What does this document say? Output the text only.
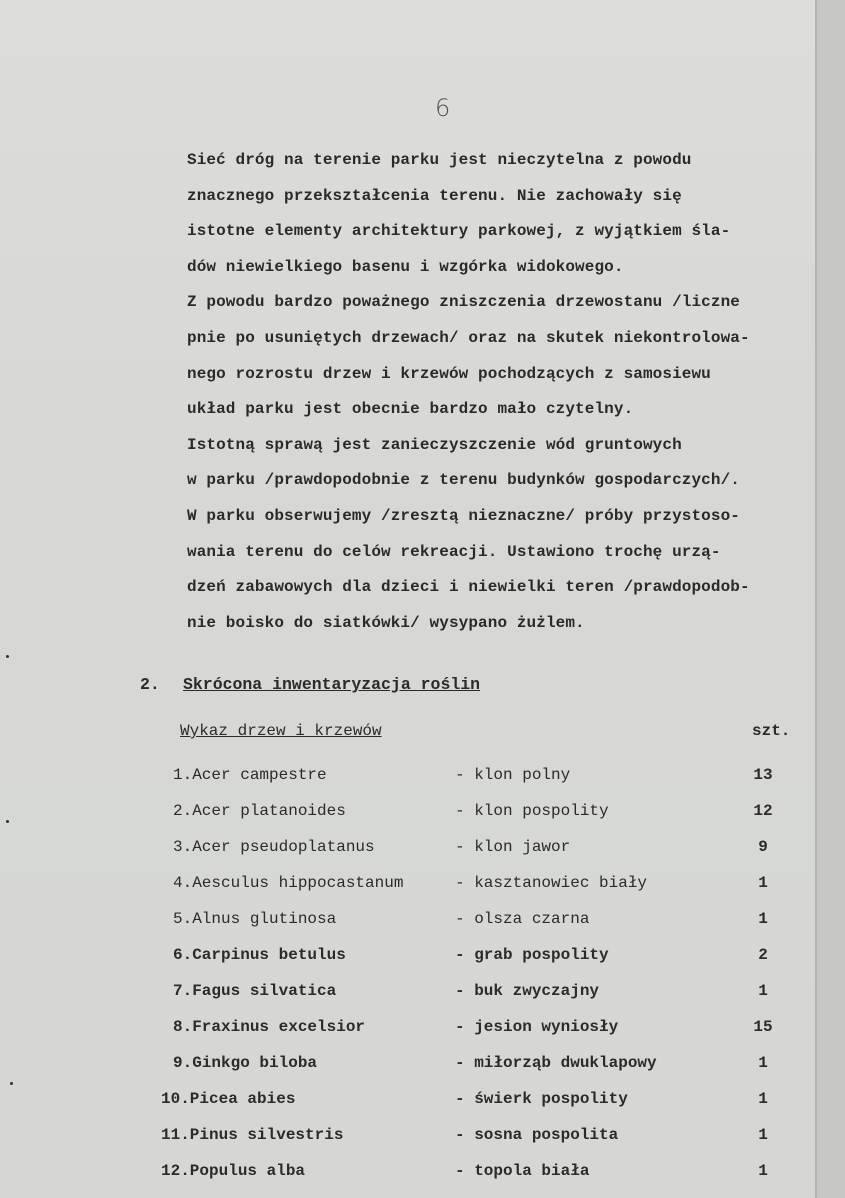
6
Sieć dróg na terenie parku jest nieczytelna z powodu
znacznego przekształcenia terenu. Nie zachowały się
istotne elementy architektury parkowej, z wyjątkiem śla-
dów niewielkiego basenu i wzgórka widokowego.
Z powodu bardzo poważnego zniszczenia drzewostanu /liczne
pnie po usuniętych drzewach/ oraz na skutek niekontrolowa-
nego rozrostu drzew i krzewów pochodzących z samosiewu
układ parku jest obecnie bardzo mało czytelny.
Istotną sprawą jest zanieczyszczenie wód gruntowych
w parku /prawdopodobnie z terenu budynków gospodarczych/.
W parku obserwujemy /zresztą nieznaczne/ próby przystoso-
wania terenu do celów rekreacji. Ustawiono trochę urzą-
dzeń zabawowych dla dzieci i niewielki teren /prawdopodob-
nie boisko do siatkówki/ wysypano żużlem.
2. Skrócona inwentaryzacja roślin
Wykaz drzew i krzewów	szt.
1.Acer campestre	- klon polny	13
2.Acer platanoides	- klon pospolity	12
3.Acer pseudoplatanus	- klon jawor	9
4.Aesculus hippocastanum	- kasztanowiec biały	1
5.Alnus glutinosa	- olsza czarna	1
6.Carpinus betulus	- grab pospolity	2
7.Fagus silvatica	- buk zwyczajny	1
8.Fraxinus excelsior	- jesion wyniosły	15
9.Ginkgo biloba	- miłorząb dwuklapowy	1
10.Picea abies	- świerk pospolity	1
11.Pinus silvestris	- sosna pospolita	1
12.Populus alba	- topola biała	1
